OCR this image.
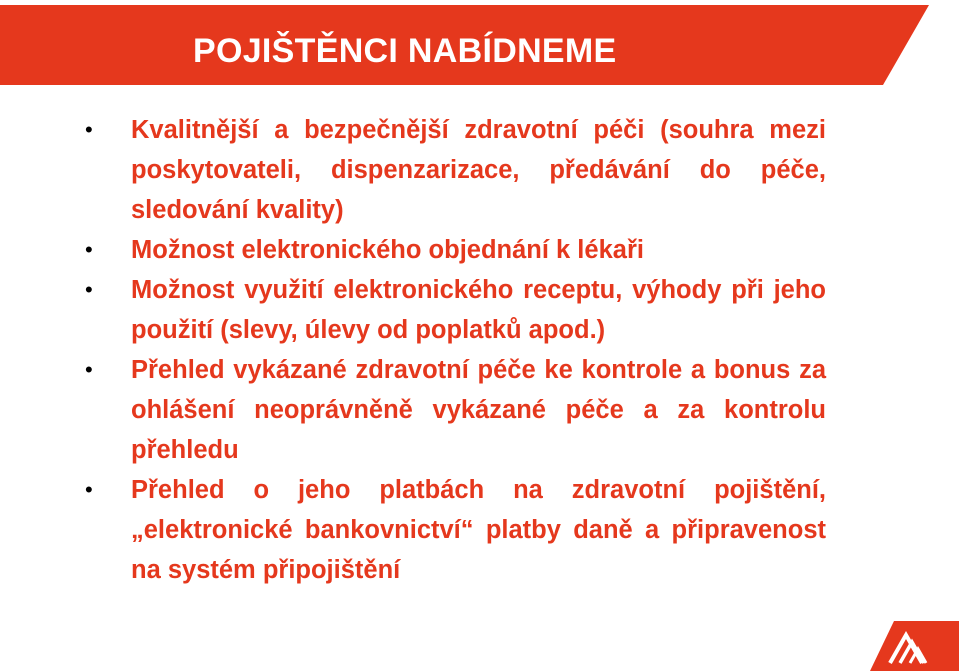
POJIŠTĚNCI NABÍDNEME
• Kvalitnější a bezpečnější zdravotní péči (souhra mezi poskytovateli, dispenzarizace, předávání do péče, sledování kvality)
• Možnost elektronického objednání k lékaři
• Možnost využití elektronického receptu, výhody při jeho použití (slevy, úlevy od poplatků apod.)
• Přehled vykázané zdravotní péče ke kontrole a bonus za ohlášení neoprávněně vykázané péče a za kontrolu přehledu
• Přehled o jeho platbách na zdravotní pojištění, „elektronické bankovnictví“ platby daně a připravenost na systém připojištění
